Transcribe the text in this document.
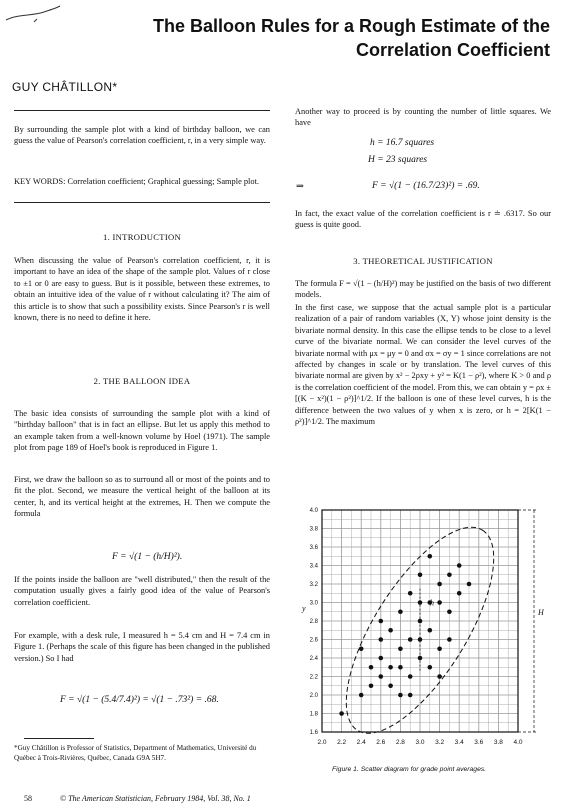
The Balloon Rules for a Rough Estimate of the Correlation Coefficient
GUY CHÂTILLON*
By surrounding the sample plot with a kind of birthday balloon, we can guess the value of Pearson's correlation coefficient, r, in a very simple way.
KEY WORDS: Correlation coefficient; Graphical guessing; Sample plot.
1. INTRODUCTION
When discussing the value of Pearson's correlation coefficient, r, it is important to have an idea of the shape of the sample plot. Values of r close to ±1 or 0 are easy to guess. But is it possible, between these extremes, to obtain an intuitive idea of the value of r without calculating it? The aim of this article is to show that such a possibility exists. Since Pearson's r is well known, there is no need to define it here.
2. THE BALLOON IDEA
The basic idea consists of surrounding the sample plot with a kind of "birthday balloon" that is in fact an ellipse. But let us apply this method to an example taken from a well-known volume by Hoel (1971). The sample plot from page 189 of Hoel's book is reproduced in Figure 1.
First, we draw the balloon so as to surround all or most of the points and to fit the plot. Second, we measure the vertical height of the balloon at its center, h, and its vertical height at the extremes, H. Then we compute the formula
F = √(1 − (h/H)²).
If the points inside the balloon are "well distributed," then the result of the computation usually gives a fairly good idea of the value of Pearson's correlation coefficient.
For example, with a desk rule, I measured h = 5.4 cm and H = 7.4 cm in Figure 1. (Perhaps the scale of this figure has been changed in the published version.) So I had
F = √(1 − (5.4/7.4)²) = √(1 − .73²) = .68.
*Guy Châtillon is Professor of Statistics, Department of Mathematics, Université du Québec à Trois-Rivières, Québec, Canada G9A 5H7.
Another way to proceed is by counting the number of little squares. We have
h = 16.7 squares
H = 23 squares
⇒	F = √(1 − (16.7/23)²) = .69.
In fact, the exact value of the correlation coefficient is r ≐ .6317. So our guess is quite good.
3. THEORETICAL JUSTIFICATION
The formula F = √(1 − (h/H)²) may be justified on the basis of two different models.
In the first case, we suppose that the actual sample plot is a particular realization of a pair of random variables (X, Y) whose joint density is the bivariate normal density. In this case the ellipse tends to be close to a level curve of the bivariate normal. We can consider the level curves of the bivariate normal with μx = μy = 0 and σx = σy = 1 since correlations are not affected by changes in scale or by translation. The level curves of this bivariate normal are given by x² − 2ρxy + y² = K(1 − ρ²), where K > 0 and ρ is the correlation coefficient of the model. From this, we can obtain y = ρx ± [(K − x²)(1 − ρ²)]^1/2. If the balloon is one of these level curves, h is the difference between the two values of y when x is zero, or h = 2[K(1 − ρ²)]^1/2. The maximum
2.0 2.2 2.4 2.6 2.8 3.0 3.2 3.4 3.6 3.8 4.0
4.0
3.8
3.6
3.4
3.2
3.0
2.8
2.6
2.4
2.2
2.0
1.8
1.6
y
h
H
Figure 1. Scatter diagram for grade point averages.
58	© The American Statistician, February 1984, Vol. 38, No. 1
